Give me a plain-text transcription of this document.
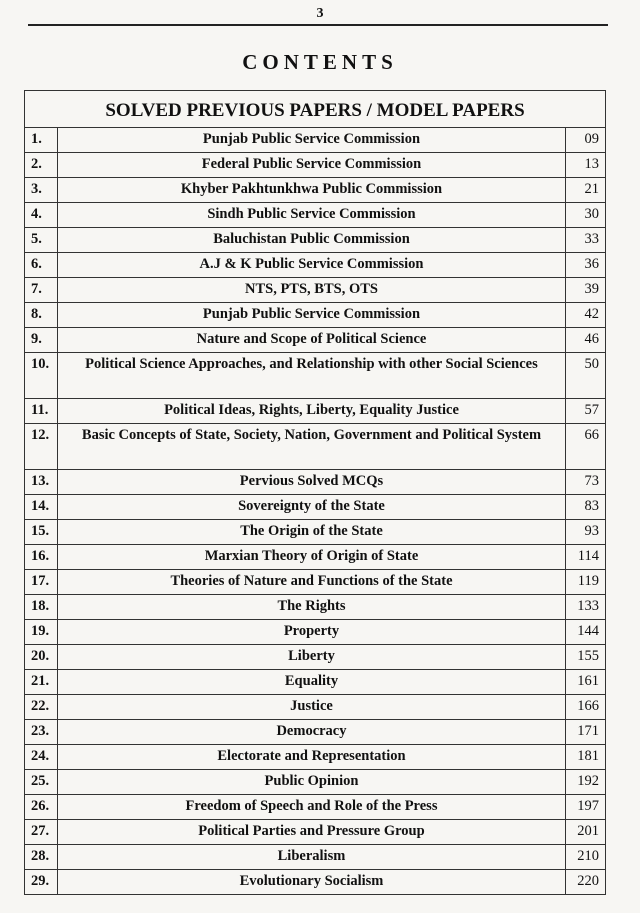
3
CONTENTS
SOLVED PREVIOUS PAPERS / MODEL PAPERS		
1.	Punjab Public Service Commission	09
2.	Federal Public Service Commission	13
3.	Khyber Pakhtunkhwa Public Commission	21
4.	Sindh Public Service Commission	30
5.	Baluchistan Public Commission	33
6.	A.J & K Public Service Commission	36
7.	NTS, PTS, BTS, OTS	39
8.	Punjab Public Service Commission	42
9.	Nature and Scope of Political Science	46
10.	Political Science Approaches, and Relationship with other Social Sciences	50
11.	Political Ideas, Rights, Liberty, Equality Justice	57
12.	Basic Concepts of State, Society, Nation, Government and Political System	66
13.	Pervious Solved MCQs	73
14.	Sovereignty of the State	83
15.	The Origin of the State	93
16.	Marxian Theory of Origin of State	114
17.	Theories of Nature and Functions of the State	119
18.	The Rights	133
19.	Property	144
20.	Liberty	155
21.	Equality	161
22.	Justice	166
23.	Democracy	171
24.	Electorate and Representation	181
25.	Public Opinion	192
26.	Freedom of Speech and Role of the Press	197
27.	Political Parties and Pressure Group	201
28.	Liberalism	210
29.	Evolutionary Socialism	220
